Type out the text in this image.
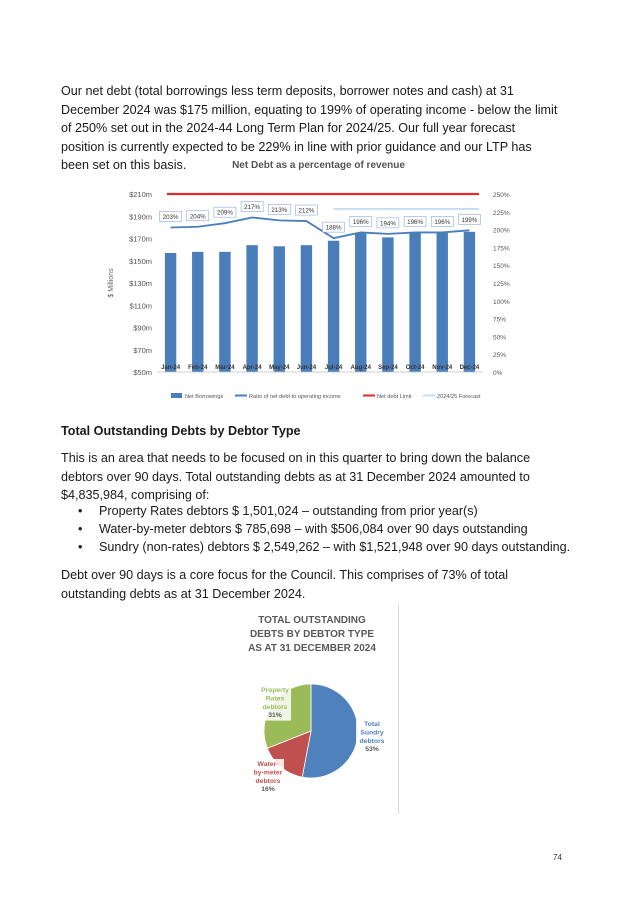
Our net debt (total borrowings less term deposits, borrower notes and cash) at 31 December 2024 was $175 million, equating to 199% of operating income - below the limit of 250% set out in the 2024-44 Long Term Plan for 2024/25. Our full year forecast position is currently expected to be 229% in line with prior guidance and our LTP has been set on this basis.	Net Debt as a percentage of revenue
$ Millions
$50m
$70m
$90m
$110m
$130m
$150m
$170m
$190m
$210m
0%
25%
50%
75%
100%
125%
150%
175%
200%
225%
250%
Jan-24 Feb-24 Mar-24 Apr-24 May-24 Jun-24 Jul-24 Aug-24 Sep-24 Oct-24 Nov-24 Dec-24
203% 204%
209%
217% 213% 212%
188%
196% 194% 196% 196% 199%
Net Borrowings	Ratio of net debt to operating income	Net debt Limit	2024/25 Forecast
Total Outstanding Debts by Debtor Type

This is an area that needs to be focused on in this quarter to bring down the balance debtors over 90 days. Total outstanding debts as at 31 December 2024 amounted to $4,835,984, comprising of:

• Property Rates debtors $ 1,501,024 – outstanding from prior year(s)
• Water-by-meter debtors $ 785,698 – with $506,084 over 90 days outstanding
• Sundry (non-rates) debtors $ 2,549,262 – with $1,521,948 over 90 days outstanding.

Debt over 90 days is a core focus for the Council. This comprises of 73% of total outstanding debts as at 31 December 2024.

TOTAL OUTSTANDING
DEBTS BY DEBTOR TYPE
AS AT 31 DECEMBER 2024
Total
Sundry
debtors
53%
Water-
by-meter
debtors
16%
Property
Rates
debtors
31%
74
